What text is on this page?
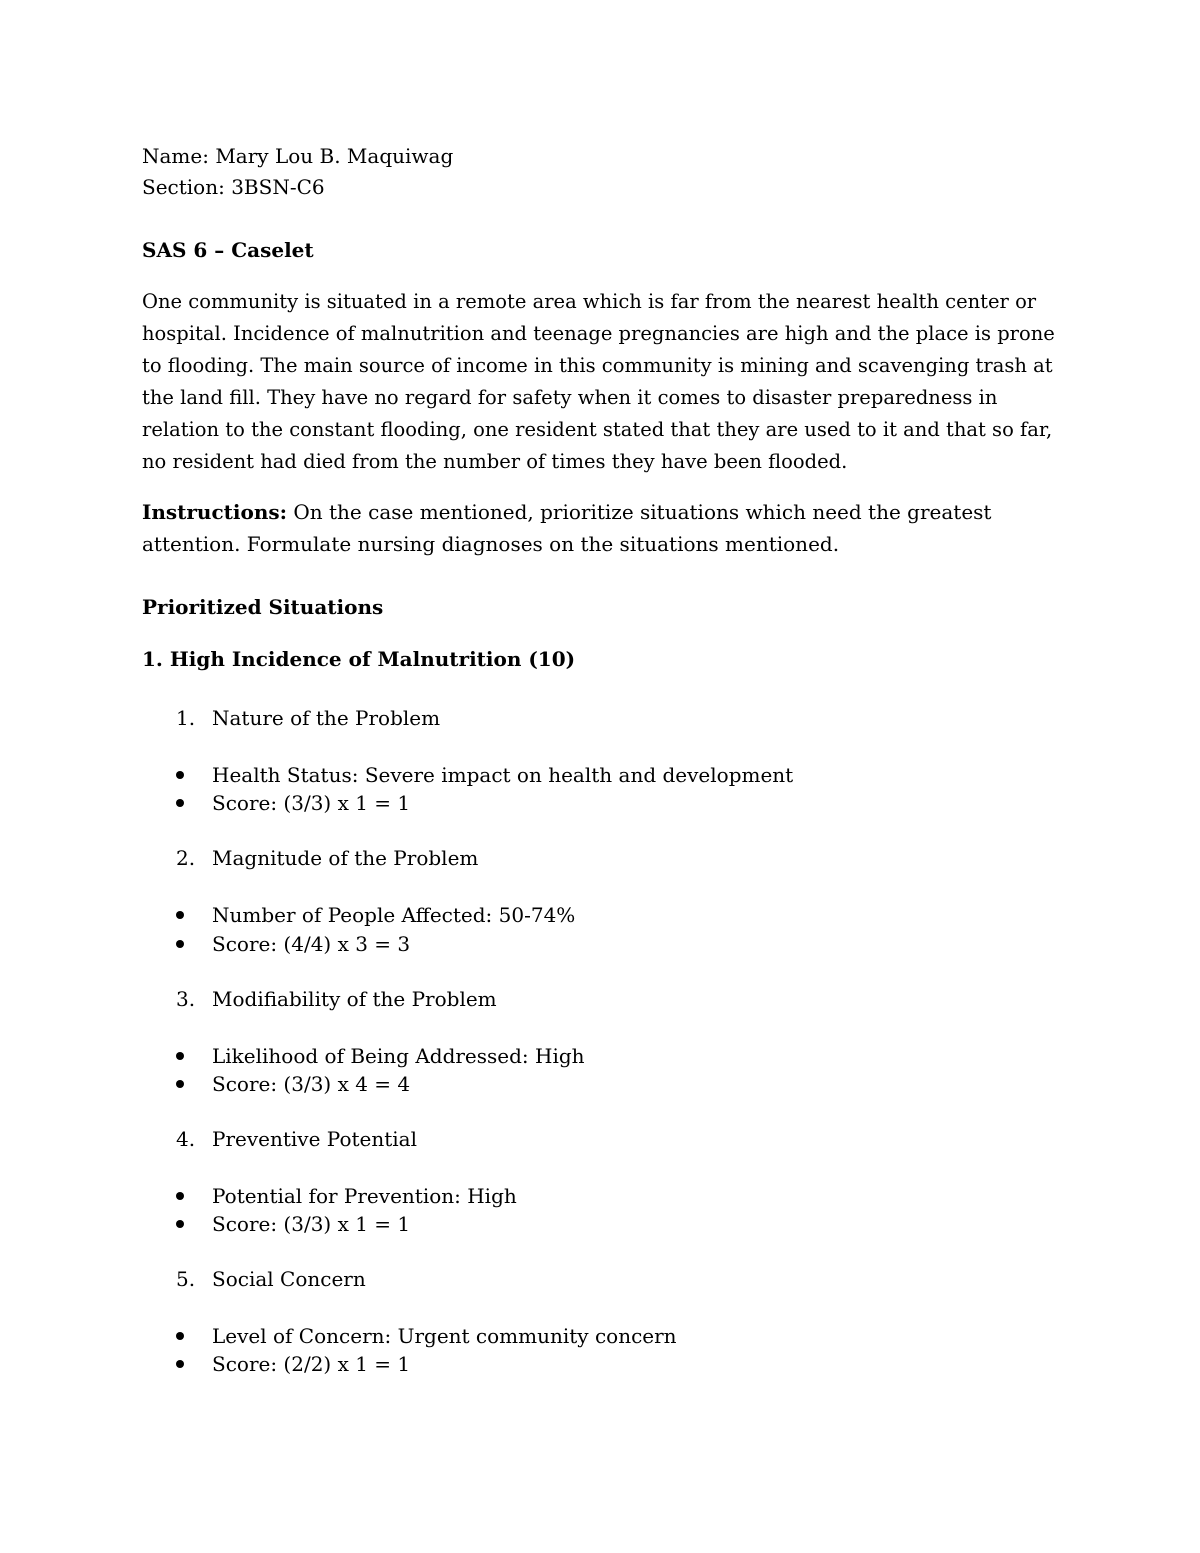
Name: Mary Lou B. Maquiwag
Section: 3BSN-C6
SAS 6 – Caselet
One community is situated in a remote area which is far from the nearest health center or
hospital. Incidence of malnutrition and teenage pregnancies are high and the place is prone
to flooding. The main source of income in this community is mining and scavenging trash at
the land fill. They have no regard for safety when it comes to disaster preparedness in
relation to the constant flooding, one resident stated that they are used to it and that so far,
no resident had died from the number of times they have been flooded.
Instructions: On the case mentioned, prioritize situations which need the greatest
attention. Formulate nursing diagnoses on the situations mentioned.
Prioritized Situations
1. High Incidence of Malnutrition (10)
1. Nature of the Problem
Health Status: Severe impact on health and development
Score: (3/3) x 1 = 1
2. Magnitude of the Problem
Number of People Affected: 50-74%
Score: (4/4) x 3 = 3
3. Modifiability of the Problem
Likelihood of Being Addressed: High
Score: (3/3) x 4 = 4
4. Preventive Potential
Potential for Prevention: High
Score: (3/3) x 1 = 1
5. Social Concern
Level of Concern: Urgent community concern
Score: (2/2) x 1 = 1
